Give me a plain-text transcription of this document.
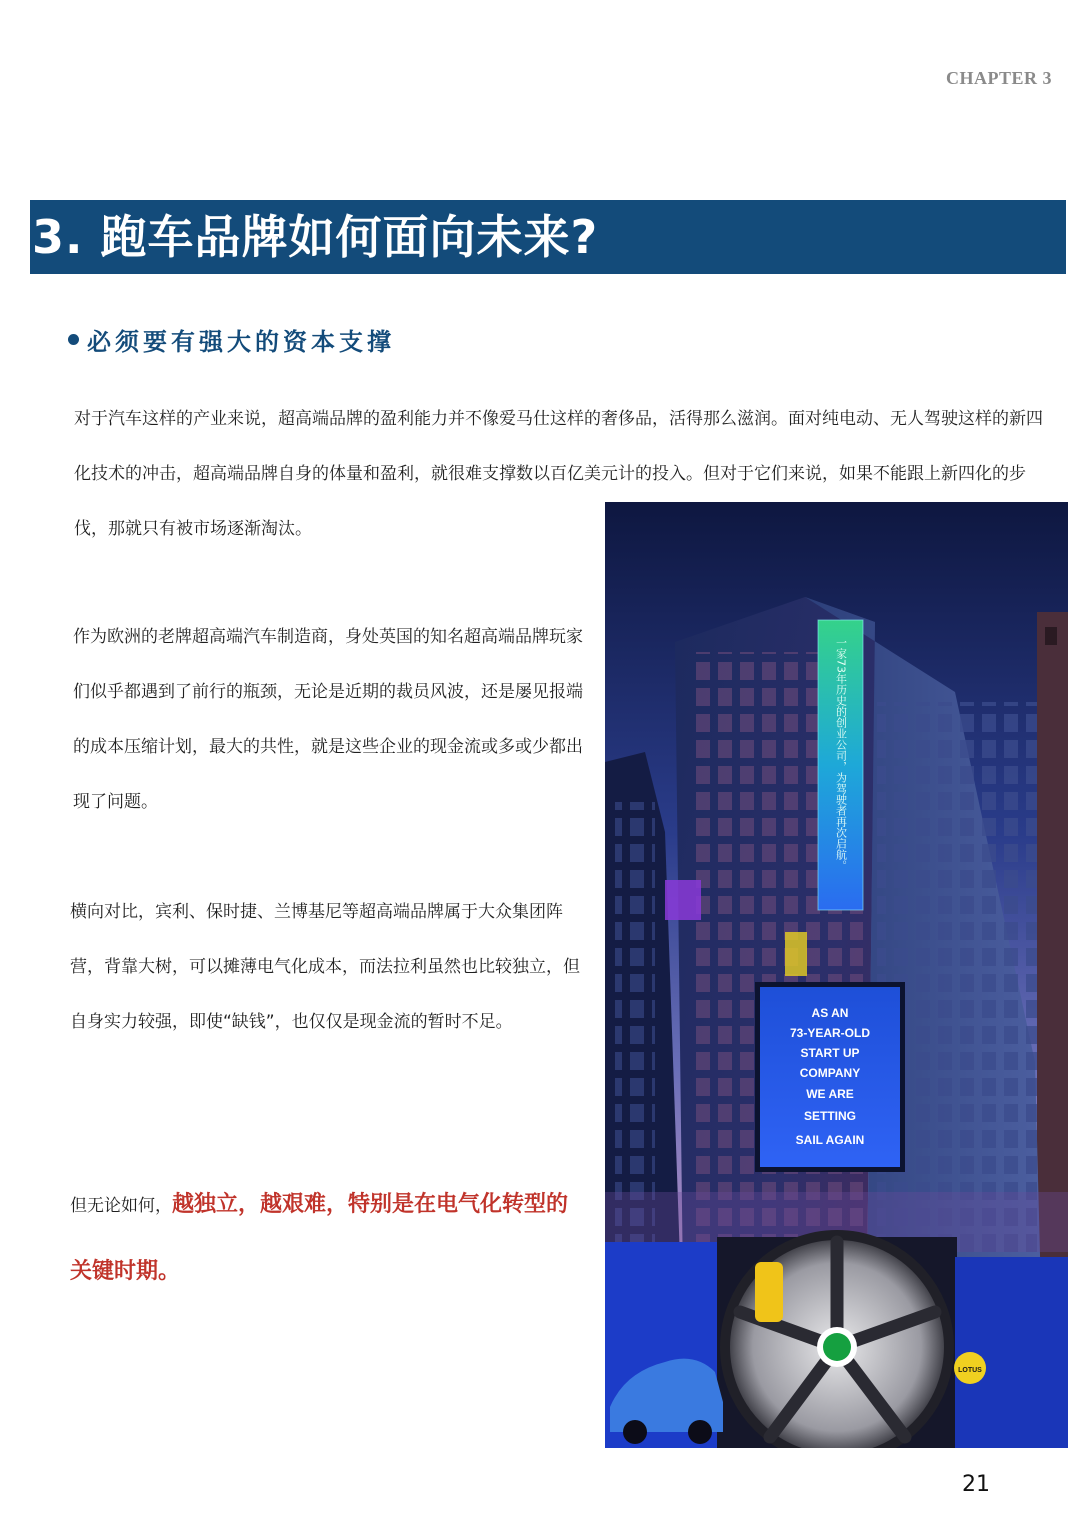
CHAPTER 3
3. 跑车品牌如何面向未来?
必须要有强大的资本支撑

对于汽车这样的产业来说，超高端品牌的盈利能力并不像爱马仕这样的奢侈品，活得那么滋润。面对纯电动、无人驾驶这样的新四化技术的冲击，超高端品牌自身的体量和盈利，就很难支撑数以百亿美元计的投入。但对于它们来说，如果不能跟上新四化的步伐，那就只有被市场逐渐淘汰。

作为欧洲的老牌超高端汽车制造商，身处英国的知名超高端品牌玩家们似乎都遇到了前行的瓶颈，无论是近期的裁员风波，还是屡见报端的成本压缩计划，最大的共性，就是这些企业的现金流或多或少都出现了问题。

横向对比，宾利、保时捷、兰博基尼等超高端品牌属于大众集团阵营，背靠大树，可以摊薄电气化成本，而法拉利虽然也比较独立，但自身实力较强，即使“缺钱”，也仅仅是现金流的暂时不足。

但无论如何，越独立，越艰难，特别是在电气化转型的关键时期。

一家73年历史的创业公司，为驾驶者再次启航。
AS AN
73-YEAR-OLD
START UP
COMPANY
WE ARE
SETTING
SAIL AGAIN
LOTUS
21
